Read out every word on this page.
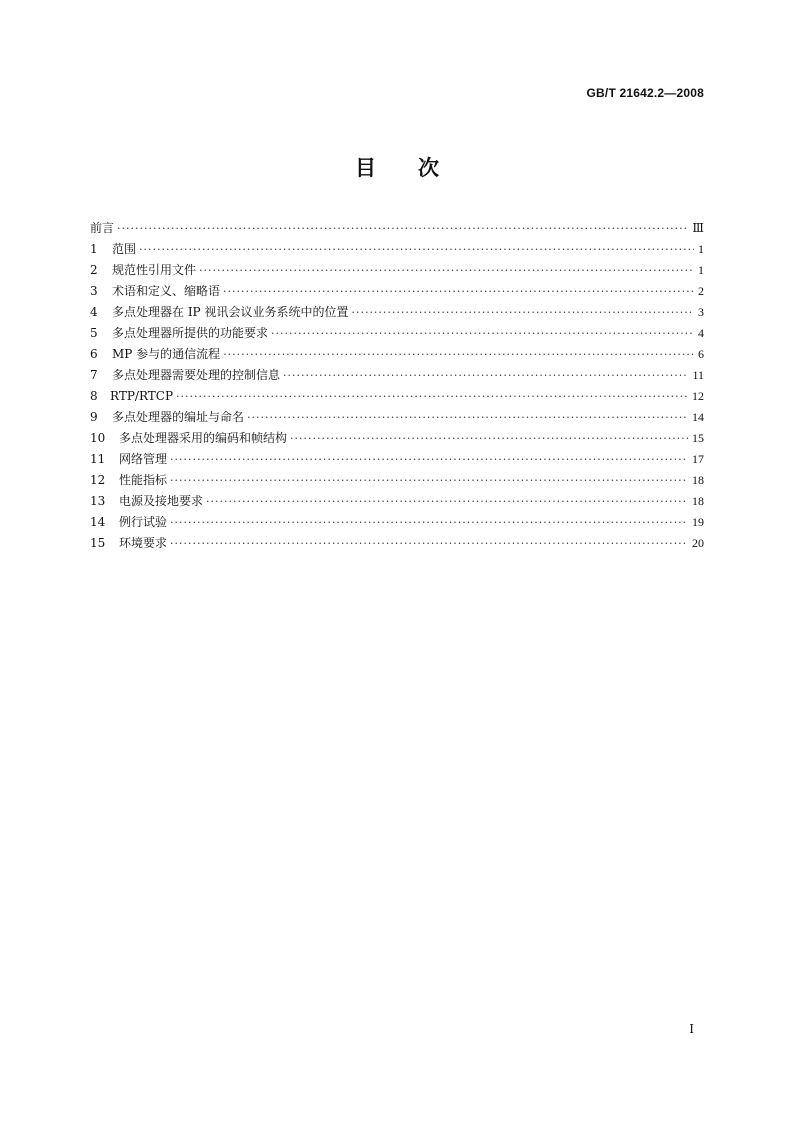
GB/T 21642.2—2008
目 次
前言 ·····	Ⅲ
1	范围 ·····	1
2	规范性引用文件 ·····	1
3	术语和定义、缩略语 ·····	2
4	多点处理器在 IP 视讯会议业务系统中的位置 ·····	3
5	多点处理器所提供的功能要求 ·····	4
6	MP 参与的通信流程 ·····	6
7	多点处理器需要处理的控制信息 ·····	11
8	RTP/RTCP ·····	12
9	多点处理器的编址与命名 ·····	14
10	多点处理器采用的编码和帧结构 ·····	15
11	网络管理 ·····	17
12	性能指标 ·····	18
13	电源及接地要求 ·····	18
14	例行试验 ·····	19
15	环境要求 ·····	20
Ⅰ
